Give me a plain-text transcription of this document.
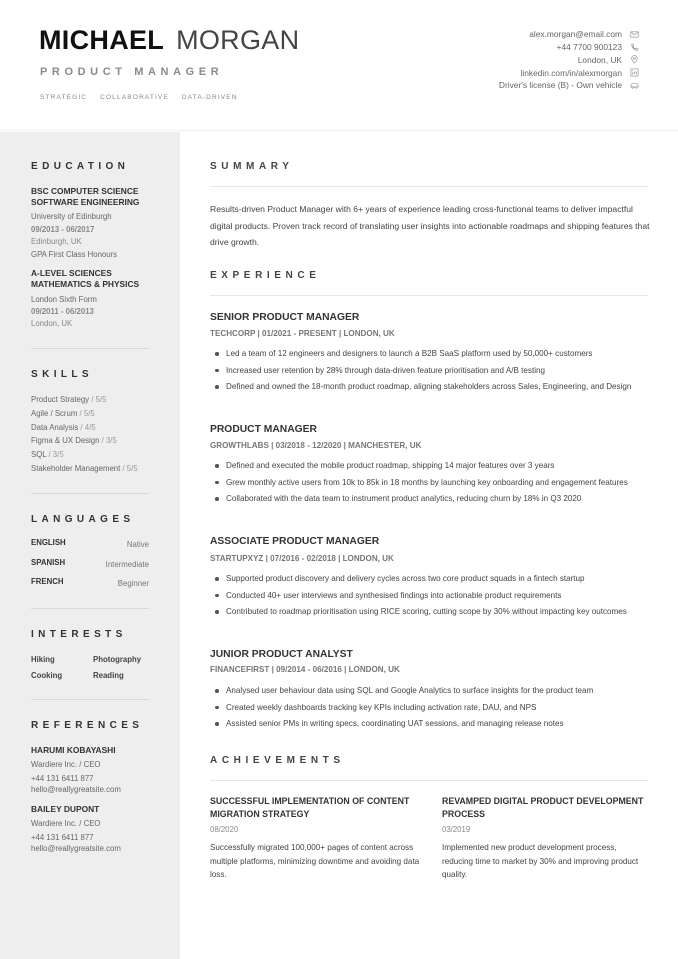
MICHAEL MORGAN
PRODUCT MANAGER
STRATEGIC COLLABORATIVE DATA-DRIVEN
alex.morgan@email.com
+44 7700 900123
London, UK
linkedin.com/in/alexmorgan
Driver's license (B) - Own vehicle
EDUCATION
BSC COMPUTER SCIENCE SOFTWARE ENGINEERING
University of Edinburgh
09/2013 - 06/2017
Edinburgh, UK
GPA First Class Honours
A-LEVEL SCIENCES MATHEMATICS & PHYSICS
London Sixth Form
09/2011 - 06/2013
London, UK
SKILLS
Product Strategy / 5/5
Agile / Scrum / 5/5
Data Analysis / 4/5
Figma & UX Design / 3/5
SQL / 3/5
Stakeholder Management / 5/5
LANGUAGES
ENGLISH	Native
SPANISH	Intermediate
FRENCH	Beginner
INTERESTS
Hiking	Photography
Cooking	Reading
REFERENCES
HARUMI KOBAYASHI
Wardiere Inc. / CEO
+44 131 6411 877
hello@reallygreatsite.com
BAILEY DUPONT
Wardiere Inc. / CEO
+44 131 6411 877
hello@reallygreatsite.com
SUMMARY

Results-driven Product Manager with 6+ years of experience leading cross-functional teams to deliver impactful digital products. Proven track record of translating user insights into actionable roadmaps and shipping features that drive growth.

EXPERIENCE
SENIOR PRODUCT MANAGER
TECHCORP | 01/2021 - PRESENT | LONDON, UK
Led a team of 12 engineers and designers to launch a B2B SaaS platform used by 50,000+ customers
Increased user retention by 28% through data-driven feature prioritisation and A/B testing
Defined and owned the 18-month product roadmap, aligning stakeholders across Sales, Engineering, and Design
PRODUCT MANAGER
GROWTHLABS | 03/2018 - 12/2020 | MANCHESTER, UK
Defined and executed the mobile product roadmap, shipping 14 major features over 3 years
Grew monthly active users from 10k to 85k in 18 months by launching key onboarding and engagement features
Collaborated with the data team to instrument product analytics, reducing churn by 18% in Q3 2020
ASSOCIATE PRODUCT MANAGER
STARTUPXYZ | 07/2016 - 02/2018 | LONDON, UK
Supported product discovery and delivery cycles across two core product squads in a fintech startup
Conducted 40+ user interviews and synthesised findings into actionable product requirements
Contributed to roadmap prioritisation using RICE scoring, cutting scope by 30% without impacting key outcomes
JUNIOR PRODUCT ANALYST
FINANCEFIRST | 09/2014 - 06/2016 | LONDON, UK
Analysed user behaviour data using SQL and Google Analytics to surface insights for the product team
Created weekly dashboards tracking key KPIs including activation rate, DAU, and NPS
Assisted senior PMs in writing specs, coordinating UAT sessions, and managing release notes
ACHIEVEMENTS
SUCCESSFUL IMPLEMENTATION OF CONTENT MIGRATION STRATEGY
08/2020
Successfully migrated 100,000+ pages of content across multiple platforms, minimizing downtime and avoiding data loss.
REVAMPED DIGITAL PRODUCT DEVELOPMENT PROCESS
03/2019
Implemented new product development process, reducing time to market by 30% and improving product quality.
